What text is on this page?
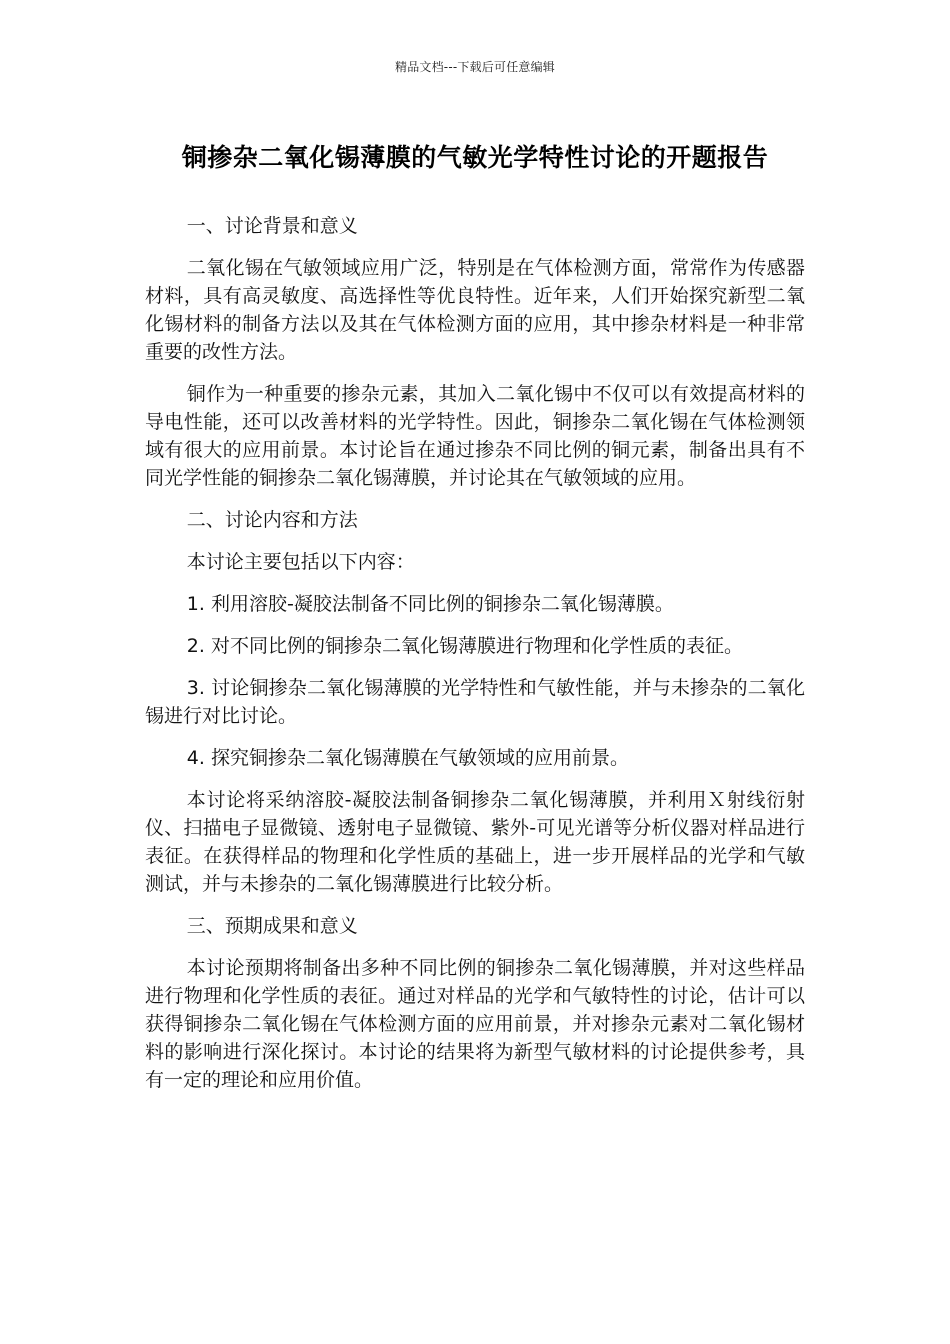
精品文档---下载后可任意编辑
铜掺杂二氧化锡薄膜的气敏光学特性讨论的开题报告

一、讨论背景和意义

二氧化锡在气敏领域应用广泛，特别是在气体检测方面，常常作为传感器材料，具有高灵敏度、高选择性等优良特性。近年来，人们开始探究新型二氧化锡材料的制备方法以及其在气体检测方面的应用，其中掺杂材料是一种非常重要的改性方法。

铜作为一种重要的掺杂元素，其加入二氧化锡中不仅可以有效提高材料的导电性能，还可以改善材料的光学特性。因此，铜掺杂二氧化锡在气体检测领域有很大的应用前景。本讨论旨在通过掺杂不同比例的铜元素，制备出具有不同光学性能的铜掺杂二氧化锡薄膜，并讨论其在气敏领域的应用。

二、讨论内容和方法

本讨论主要包括以下内容：

1. 利用溶胶-凝胶法制备不同比例的铜掺杂二氧化锡薄膜。

2. 对不同比例的铜掺杂二氧化锡薄膜进行物理和化学性质的表征。

3. 讨论铜掺杂二氧化锡薄膜的光学特性和气敏性能，并与未掺杂的二氧化锡进行对比讨论。

4. 探究铜掺杂二氧化锡薄膜在气敏领域的应用前景。

本讨论将采纳溶胶-凝胶法制备铜掺杂二氧化锡薄膜，并利用Ｘ射线衍射仪、扫描电子显微镜、透射电子显微镜、紫外-可见光谱等分析仪器对样品进行表征。在获得样品的物理和化学性质的基础上，进一步开展样品的光学和气敏测试，并与未掺杂的二氧化锡薄膜进行比较分析。

三、预期成果和意义

本讨论预期将制备出多种不同比例的铜掺杂二氧化锡薄膜，并对这些样品进行物理和化学性质的表征。通过对样品的光学和气敏特性的讨论，估计可以获得铜掺杂二氧化锡在气体检测方面的应用前景，并对掺杂元素对二氧化锡材料的影响进行深化探讨。本讨论的结果将为新型气敏材料的讨论提供参考，具有一定的理论和应用价值。
